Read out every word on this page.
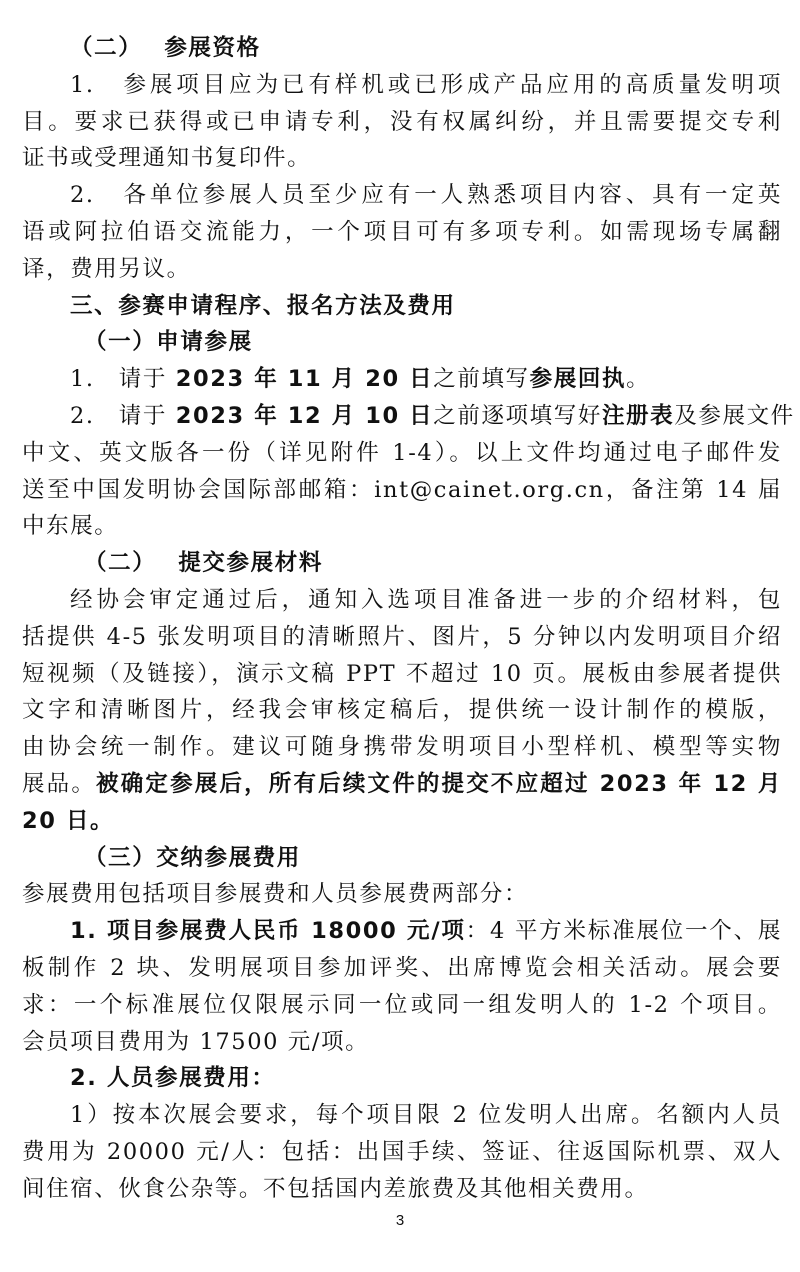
（二） 参展资格
1.　参展项目应为已有样机或已形成产品应用的高质量发明项
目。要求已获得或已申请专利，没有权属纠纷，并且需要提交专利
证书或受理通知书复印件。
2.　各单位参展人员至少应有一人熟悉项目内容、具有一定英
语或阿拉伯语交流能力，一个项目可有多项专利。如需现场专属翻
译，费用另议。
三、参赛申请程序、报名方法及费用
（一）申请参展
1.　请于 2023 年 11 月 20 日之前填写参展回执。
2.　请于 2023 年 12 月 10 日之前逐项填写好注册表及参展文件
中文、英文版各一份（详见附件 1-4）。以上文件均通过电子邮件发
送至中国发明协会国际部邮箱：int@cainet.org.cn，备注第 14 届
中东展。
（二） 提交参展材料
经协会审定通过后，通知入选项目准备进一步的介绍材料，包
括提供 4-5 张发明项目的清晰照片、图片，5 分钟以内发明项目介绍
短视频（及链接），演示文稿 PPT 不超过 10 页。展板由参展者提供
文字和清晰图片，经我会审核定稿后，提供统一设计制作的模版，
由协会统一制作。建议可随身携带发明项目小型样机、模型等实物
展品。被确定参展后，所有后续文件的提交不应超过 2023 年 12 月
20 日。
（三）交纳参展费用
参展费用包括项目参展费和人员参展费两部分：
1. 项目参展费人民币 18000 元/项：4 平方米标准展位一个、展
板制作 2 块、发明展项目参加评奖、出席博览会相关活动。展会要
求：一个标准展位仅限展示同一位或同一组发明人的 1-2 个项目。
会员项目费用为 17500 元/项。
2. 人员参展费用：
1）按本次展会要求，每个项目限 2 位发明人出席。名额内人员
费用为 20000 元/人：包括：出国手续、签证、往返国际机票、双人
间住宿、伙食公杂等。不包括国内差旅费及其他相关费用。
3
